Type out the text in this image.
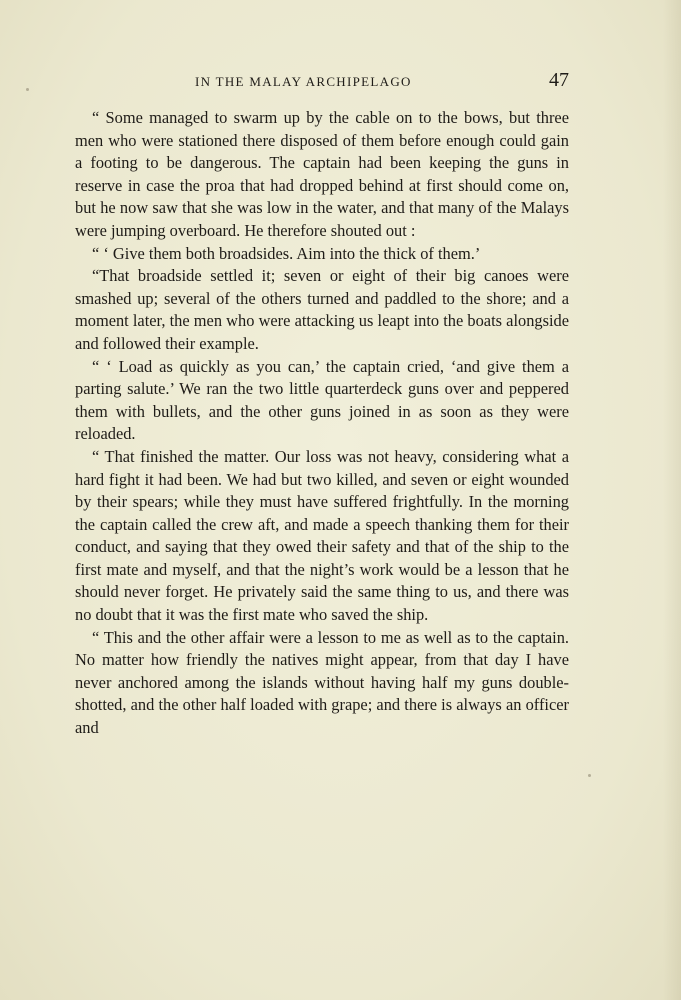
IN THE MALAY ARCHIPELAGO	47

“ Some managed to swarm up by the cable on to the bows, but three men who were stationed there disposed of them before enough could gain a footing to be dangerous. The captain had been keeping the guns in reserve in case the proa that had dropped behind at first should come on, but he now saw that she was low in the water, and that many of the Malays were jumping overboard. He therefore shouted out :

“ ‘ Give them both broadsides. Aim into the thick of them.’

“That broadside settled it; seven or eight of their big canoes were smashed up; several of the others turned and paddled to the shore; and a moment later, the men who were attacking us leapt into the boats alongside and followed their example.

“ ‘ Load as quickly as you can,’ the captain cried, ‘and give them a parting salute.’ We ran the two little quarterdeck guns over and peppered them with bullets, and the other guns joined in as soon as they were reloaded.

“ That finished the matter. Our loss was not heavy, considering what a hard fight it had been. We had but two killed, and seven or eight wounded by their spears; while they must have suffered frightfully. In the morning the captain called the crew aft, and made a speech thanking them for their conduct, and saying that they owed their safety and that of the ship to the first mate and myself, and that the night’s work would be a lesson that he should never forget. He privately said the same thing to us, and there was no doubt that it was the first mate who saved the ship.

“ This and the other affair were a lesson to me as well as to the captain. No matter how friendly the natives might appear, from that day I have never anchored among the islands without having half my guns double-shotted, and the other half loaded with grape; and there is always an officer and
